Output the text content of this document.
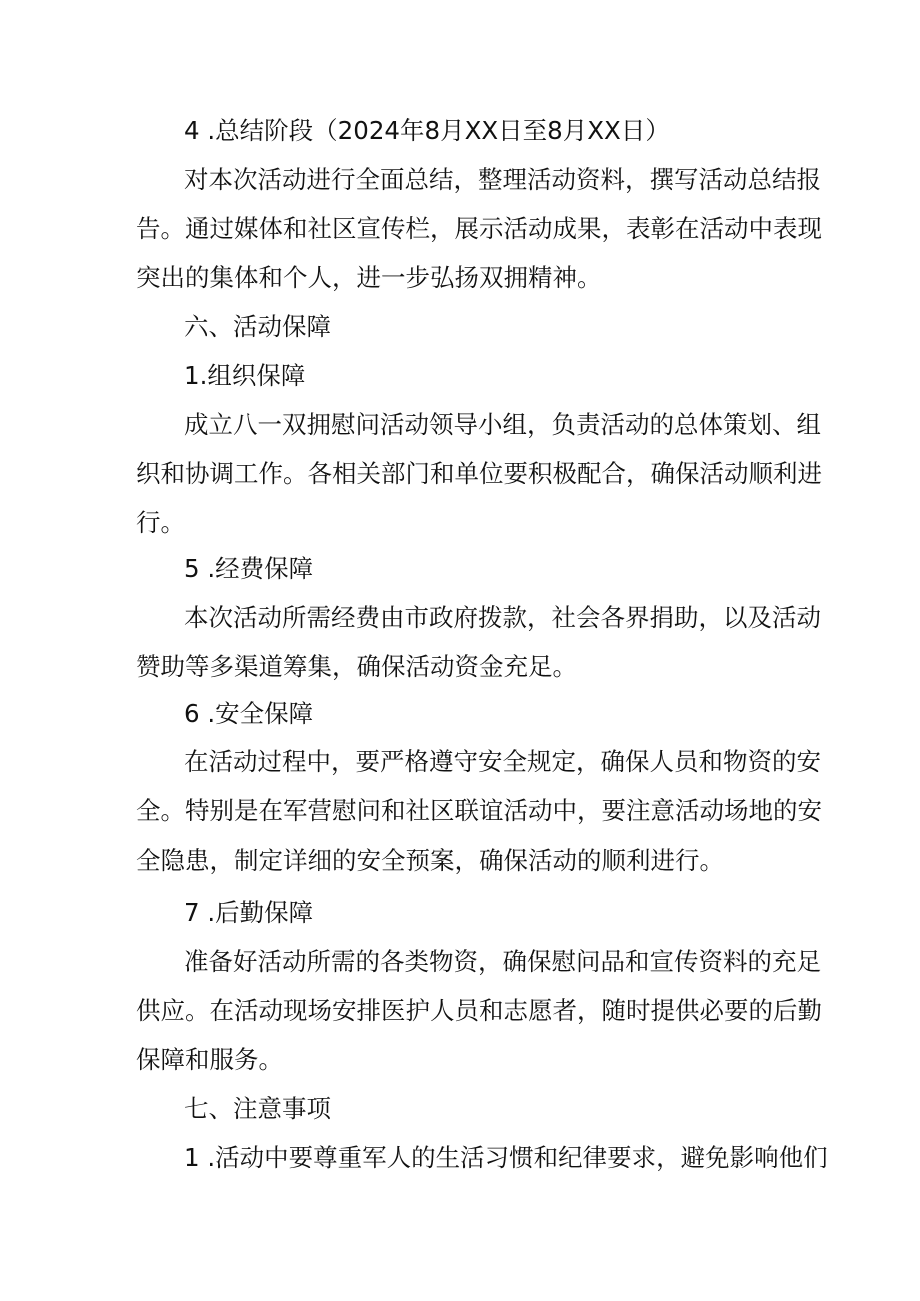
4 .总结阶段（2024年8月XX日至8月XX日）
对本次活动进行全面总结，整理活动资料，撰写活动总结报
告。通过媒体和社区宣传栏，展示活动成果，表彰在活动中表现
突出的集体和个人，进一步弘扬双拥精神。
六、活动保障
1.组织保障
成立八一双拥慰问活动领导小组，负责活动的总体策划、组
织和协调工作。各相关部门和单位要积极配合，确保活动顺利进
行。
5 .经费保障
本次活动所需经费由市政府拨款，社会各界捐助，以及活动
赞助等多渠道筹集，确保活动资金充足。
6 .安全保障
在活动过程中，要严格遵守安全规定，确保人员和物资的安
全。特别是在军营慰问和社区联谊活动中，要注意活动场地的安
全隐患，制定详细的安全预案，确保活动的顺利进行。
7 .后勤保障
准备好活动所需的各类物资，确保慰问品和宣传资料的充足
供应。在活动现场安排医护人员和志愿者，随时提供必要的后勤
保障和服务。
七、注意事项
1 .活动中要尊重军人的生活习惯和纪律要求，避免影响他们
